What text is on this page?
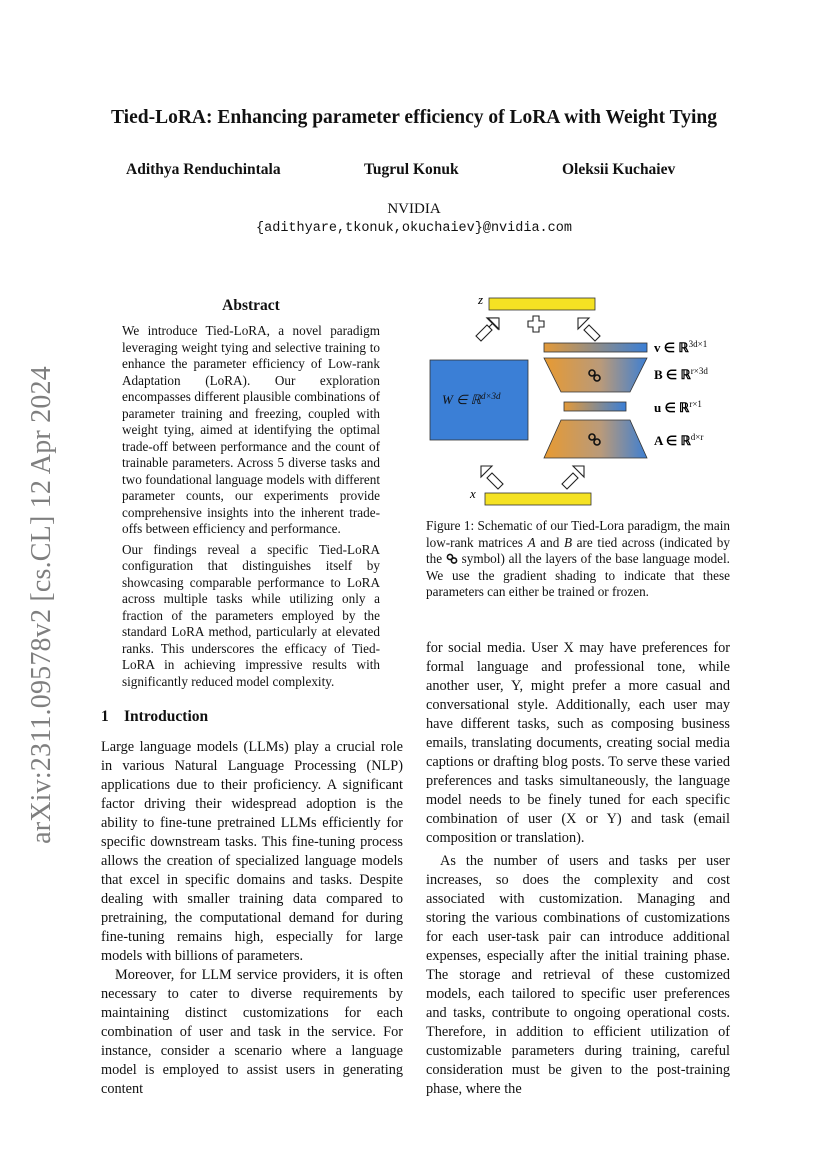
arXiv:2311.09578v2 [cs.CL] 12 Apr 2024
Tied-LoRA: Enhancing parameter efficiency of LoRA with Weight Tying
Adithya Renduchintala	Tugrul Konuk	Oleksii Kuchaiev
NVIDIA
{adithyare,tkonuk,okuchaiev}@nvidia.com
Abstract

We introduce Tied-LoRA, a novel paradigm leveraging weight tying and selective training to enhance the parameter efficiency of Low-rank Adaptation (LoRA). Our exploration encompasses different plausible combinations of parameter training and freezing, coupled with weight tying, aimed at identifying the optimal trade-off between performance and the count of trainable parameters. Across 5 diverse tasks and two foundational language models with different parameter counts, our experiments provide comprehensive insights into the inherent trade-offs between efficiency and performance.

Our findings reveal a specific Tied-LoRA configuration that distinguishes itself by showcasing comparable performance to LoRA across multiple tasks while utilizing only a fraction of the parameters employed by the standard LoRA method, particularly at elevated ranks. This underscores the efficacy of Tied-LoRA in achieving impressive results with significantly reduced model complexity.

1 Introduction

Large language models (LLMs) play a crucial role in various Natural Language Processing (NLP) applications due to their proficiency. A significant factor driving their widespread adoption is the ability to fine-tune pretrained LLMs efficiently for specific downstream tasks. This fine-tuning process allows the creation of specialized language models that excel in specific domains and tasks. Despite dealing with smaller training data compared to pretraining, the computational demand for during fine-tuning remains high, especially for large models with billions of parameters.

Moreover, for LLM service providers, it is often necessary to cater to diverse requirements by maintaining distinct customizations for each combination of user and task in the service. For instance, consider a scenario where a language model is employed to assist users in generating content

for social media. User X may have preferences for formal language and professional tone, while another user, Y, might prefer a more casual and conversational style. Additionally, each user may have different tasks, such as composing business emails, translating documents, creating social media captions or drafting blog posts. To serve these varied preferences and tasks simultaneously, the language model needs to be finely tuned for each specific combination of user (X or Y) and task (email composition or translation).

As the number of users and tasks per user increases, so does the complexity and cost associated with customization. Managing and storing the various combinations of customizations for each user-task pair can introduce additional expenses, especially after the initial training phase. The storage and retrieval of these customized models, each tailored to specific user preferences and tasks, contribute to ongoing operational costs. Therefore, in addition to efficient utilization of customizable parameters during training, careful consideration must be given to the post-training phase, where the

z
W ∈ ℝ$^{d\times 3d}$
v ∈ ℝ$^{3d\times 1}$
B ∈ ℝ$^{r\times 3d}$
u ∈ ℝ$^{r\times 1}$
A ∈ ℝ$^{d\times r}$
x
Figure 1: Schematic of our Tied-Lora paradigm, the main low-rank matrices A and B are tied across (indicated by the  symbol) all the layers of the base language model. We use the gradient shading to indicate that these parameters can either be trained or frozen.
